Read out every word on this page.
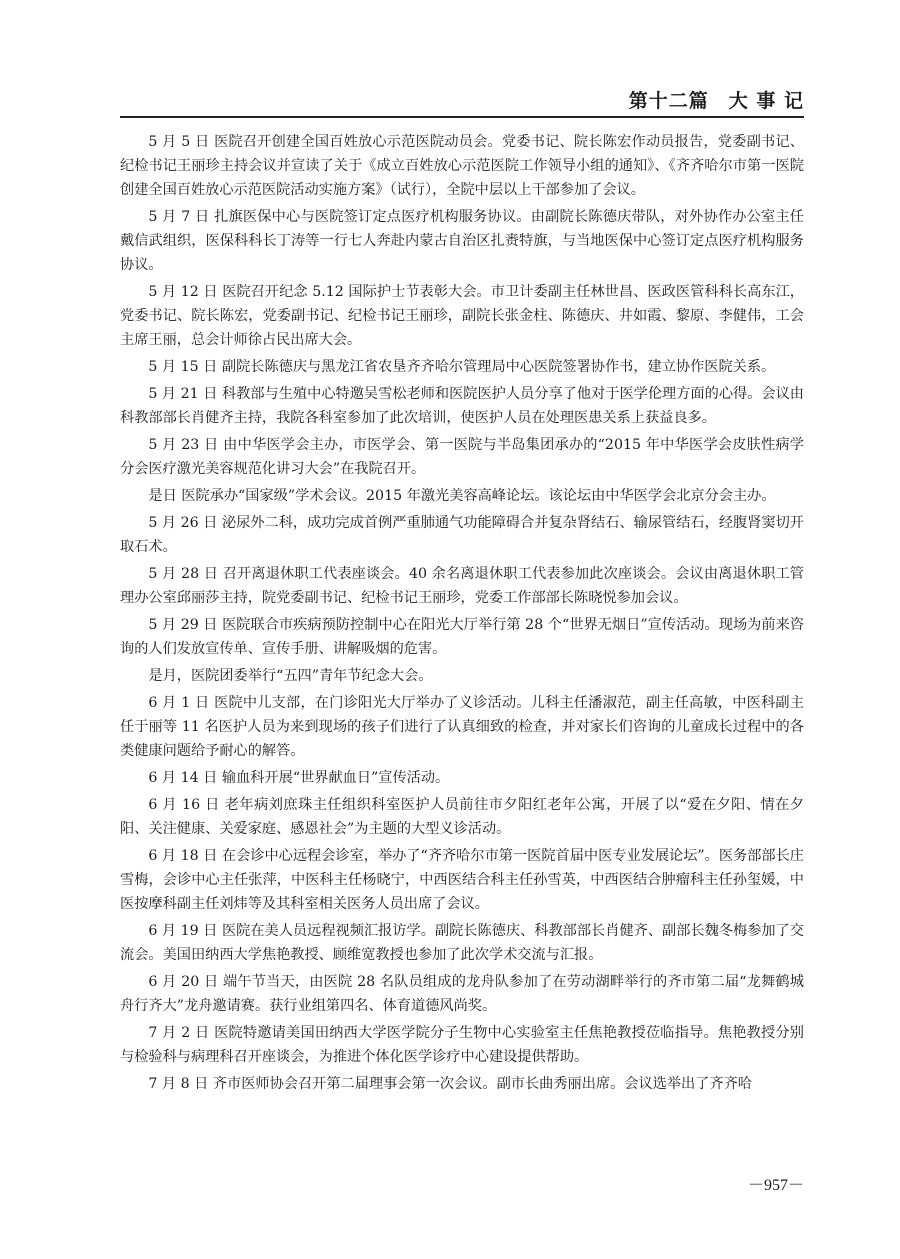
第十二篇　大 事 记

5 月 5 日 医院召开创建全国百姓放心示范医院动员会。党委书记、院长陈宏作动员报告，党委副书记、纪检书记王丽珍主持会议并宣读了关于《成立百姓放心示范医院工作领导小组的通知》、《齐齐哈尔市第一医院创建全国百姓放心示范医院活动实施方案》（试行），全院中层以上干部参加了会议。

5 月 7 日 扎旗医保中心与医院签订定点医疗机构服务协议。由副院长陈德庆带队，对外协作办公室主任戴信武组织，医保科科长丁涛等一行七人奔赴内蒙古自治区扎赉特旗，与当地医保中心签订定点医疗机构服务协议。

5 月 12 日 医院召开纪念 5.12 国际护士节表彰大会。市卫计委副主任林世昌、医政医管科科长高东江，党委书记、院长陈宏，党委副书记、纪检书记王丽珍，副院长张金柱、陈德庆、井如霞、黎原、李健伟，工会主席王丽，总会计师徐占民出席大会。

5 月 15 日 副院长陈德庆与黑龙江省农垦齐齐哈尔管理局中心医院签署协作书，建立协作医院关系。

5 月 21 日 科教部与生殖中心特邀吴雪松老师和医院医护人员分享了他对于医学伦理方面的心得。会议由科教部部长肖健齐主持，我院各科室参加了此次培训，使医护人员在处理医患关系上获益良多。

5 月 23 日 由中华医学会主办，市医学会、第一医院与半岛集团承办的“2015 年中华医学会皮肤性病学分会医疗激光美容规范化讲习大会”在我院召开。

是日 医院承办“国家级”学术会议。2015 年激光美容高峰论坛。该论坛由中华医学会北京分会主办。

5 月 26 日 泌尿外二科，成功完成首例严重肺通气功能障碍合并复杂肾结石、输尿管结石，经腹肾窦切开取石术。

5 月 28 日 召开离退休职工代表座谈会。40 余名离退休职工代表参加此次座谈会。会议由离退休职工管理办公室邱丽莎主持，院党委副书记、纪检书记王丽珍，党委工作部部长陈晓悦参加会议。

5 月 29 日 医院联合市疾病预防控制中心在阳光大厅举行第 28 个“世界无烟日”宣传活动。现场为前来咨询的人们发放宣传单、宣传手册、讲解吸烟的危害。

是月，医院团委举行“五四”青年节纪念大会。

6 月 1 日 医院中儿支部，在门诊阳光大厅举办了义诊活动。儿科主任潘淑范，副主任高敏，中医科副主任于丽等 11 名医护人员为来到现场的孩子们进行了认真细致的检查，并对家长们咨询的儿童成长过程中的各类健康问题给予耐心的解答。

6 月 14 日 输血科开展“世界献血日”宣传活动。

6 月 16 日 老年病刘庶珠主任组织科室医护人员前往市夕阳红老年公寓，开展了以“爱在夕阳、情在夕阳、关注健康、关爱家庭、感恩社会”为主题的大型义诊活动。

6 月 18 日 在会诊中心远程会诊室，举办了“齐齐哈尔市第一医院首届中医专业发展论坛”。医务部部长庄雪梅，会诊中心主任张萍，中医科主任杨晓宁，中西医结合科主任孙雪英，中西医结合肿瘤科主任孙玺媛，中医按摩科副主任刘炜等及其科室相关医务人员出席了会议。

6 月 19 日 医院在美人员远程视频汇报访学。副院长陈德庆、科教部部长肖健齐、副部长魏冬梅参加了交流会。美国田纳西大学焦艳教授、顾维宽教授也参加了此次学术交流与汇报。

6 月 20 日 端午节当天，由医院 28 名队员组成的龙舟队参加了在劳动湖畔举行的齐市第二届“龙舞鹤城 舟行齐大”龙舟邀请赛。获行业组第四名、体育道德风尚奖。

7 月 2 日 医院特邀请美国田纳西大学医学院分子生物中心实验室主任焦艳教授莅临指导。焦艳教授分别与检验科与病理科召开座谈会，为推进个体化医学诊疗中心建设提供帮助。

7 月 8 日 齐市医师协会召开第二届理事会第一次会议。副市长曲秀丽出席。会议选举出了齐齐哈

－957－
